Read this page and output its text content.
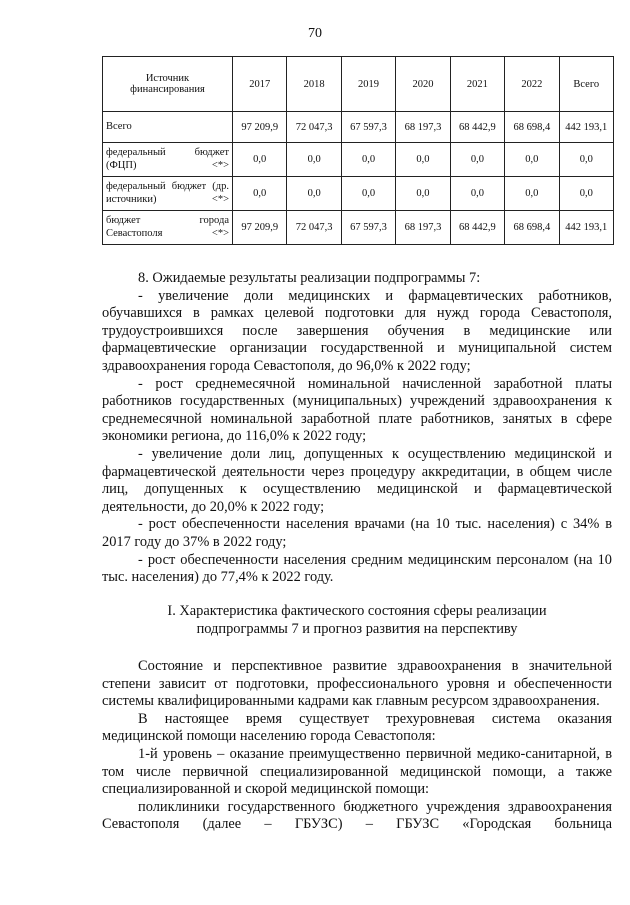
70
Источник финансирования	2017	2018	2019	2020	2021	2022	Всего
Всего	97 209,9	72 047,3	67 597,3	68 197,3	68 442,9	68 698,4	442 193,1
федеральный бюджет (ФЦП) <*>	0,0	0,0	0,0	0,0	0,0	0,0	0,0
федеральный бюджет (др. источники) <*>	0,0	0,0	0,0	0,0	0,0	0,0	0,0
бюджет города Севастополя <*>	97 209,9	72 047,3	67 597,3	68 197,3	68 442,9	68 698,4	442 193,1

8. Ожидаемые результаты реализации подпрограммы 7:

- увеличение доли медицинских и фармацевтических работников, обучавшихся в рамках целевой подготовки для нужд города Севастополя, трудоустроившихся после завершения обучения в медицинские или фармацевтические организации государственной и муниципальной систем здравоохранения города Севастополя, до 96,0% к 2022 году;

- рост среднемесячной номинальной начисленной заработной платы работников государственных (муниципальных) учреждений здравоохранения к среднемесячной номинальной заработной плате работников, занятых в сфере экономики региона, до 116,0% к 2022 году;

- увеличение доли лиц, допущенных к осуществлению медицинской и фармацевтической деятельности через процедуру аккредитации, в общем числе лиц, допущенных к осуществлению медицинской и фармацевтической деятельности, до 20,0% к 2022 году;

- рост обеспеченности населения врачами (на 10 тыс. населения) с 34% в 2017 году до 37% в 2022 году;

- рост обеспеченности населения средним медицинским персоналом (на 10 тыс. населения) до 77,4% к 2022 году.

I. Характеристика фактического состояния сферы реализации
подпрограммы 7 и прогноз развития на перспективу

Состояние и перспективное развитие здравоохранения в значительной степени зависит от подготовки, профессионального уровня и обеспеченности системы квалифицированными кадрами как главным ресурсом здравоохранения.

В настоящее время существует трехуровневая система оказания медицинской помощи населению города Севастополя:

1-й уровень – оказание преимущественно первичной медико-санитарной, в том числе первичной специализированной медицинской помощи, а также специализированной и скорой медицинской помощи:

поликлиники государственного бюджетного учреждения здравоохранения Севастополя (далее – ГБУЗС) – ГБУЗС «Городская больница
